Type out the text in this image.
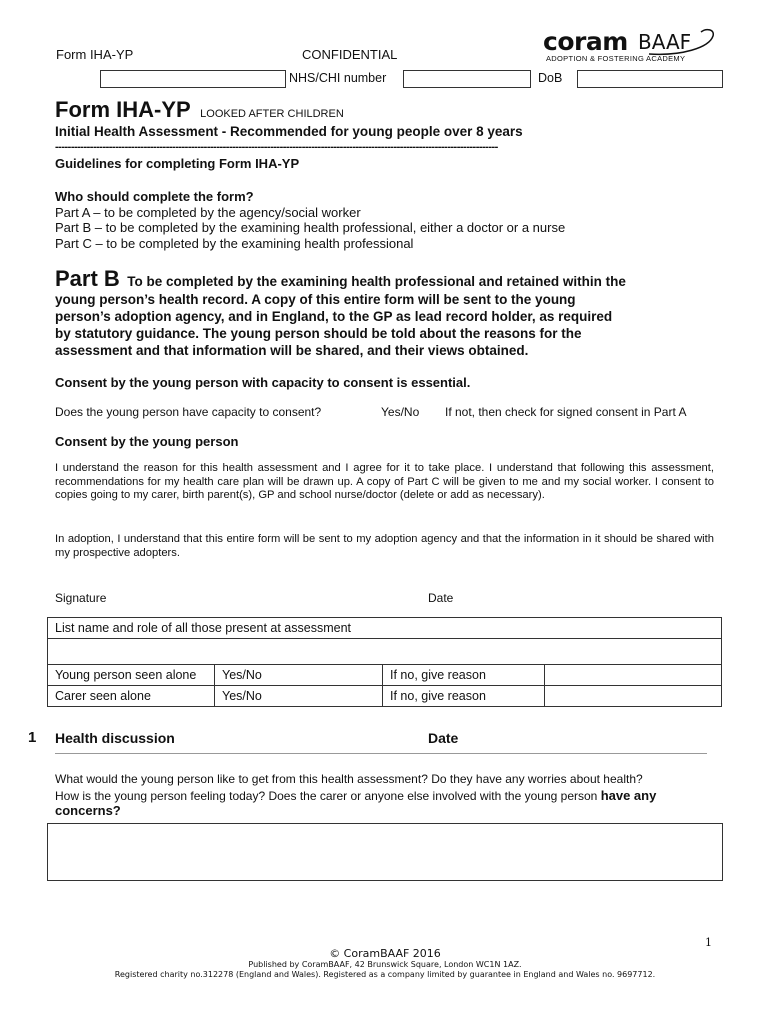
Form IHA-YP	CONFIDENTIAL	coram BAAF
ADOPTION & FOSTERING ACADEMY
NHS/CHI number	DoB
Form IHA-YP LOOKED AFTER CHILDREN
Initial Health Assessment - Recommended for young people over 8 years
--------------------------------------------------------------------------------------------------------------------------------------------
Guidelines for completing Form IHA-YP
Who should complete the form?
Part A – to be completed by the agency/social worker
Part B – to be completed by the examining health professional, either a doctor or a nurse
Part C – to be completed by the examining health professional
Part B To be completed by the examining health professional and retained within the
young person’s health record. A copy of this entire form will be sent to the young
person’s adoption agency, and in England, to the GP as lead record holder, as required
by statutory guidance. The young person should be told about the reasons for the
assessment and that information will be shared, and their views obtained.
Consent by the young person with capacity to consent is essential.
Does the young person have capacity to consent?	Yes/No If not, then check for signed consent in Part A
Consent by the young person
I understand the reason for this health assessment and I agree for it to take place. I understand that following this assessment, recommendations for my health care plan will be drawn up. A copy of Part C will be given to me and my social worker. I consent to copies going to my carer, birth parent(s), GP and school nurse/doctor (delete or add as necessary).
In adoption, I understand that this entire form will be sent to my adoption agency and that the information in it should be shared with my prospective adopters.
Signature	Date
List name and role of all those present at assessment			

Young person seen alone	Yes/No	If no, give reason	
Carer seen alone	Yes/No	If no, give reason	
1 Health discussion	Date
What would the young person like to get from this health assessment? Do they have any worries about health?
How is the young person feeling today? Does the carer or anyone else involved with the young person have any
concerns?
1
© CoramBAAF 2016
Published by CoramBAAF, 42 Brunswick Square, London WC1N 1AZ.
Registered charity no.312278 (England and Wales). Registered as a company limited by guarantee in England and Wales no. 9697712.
